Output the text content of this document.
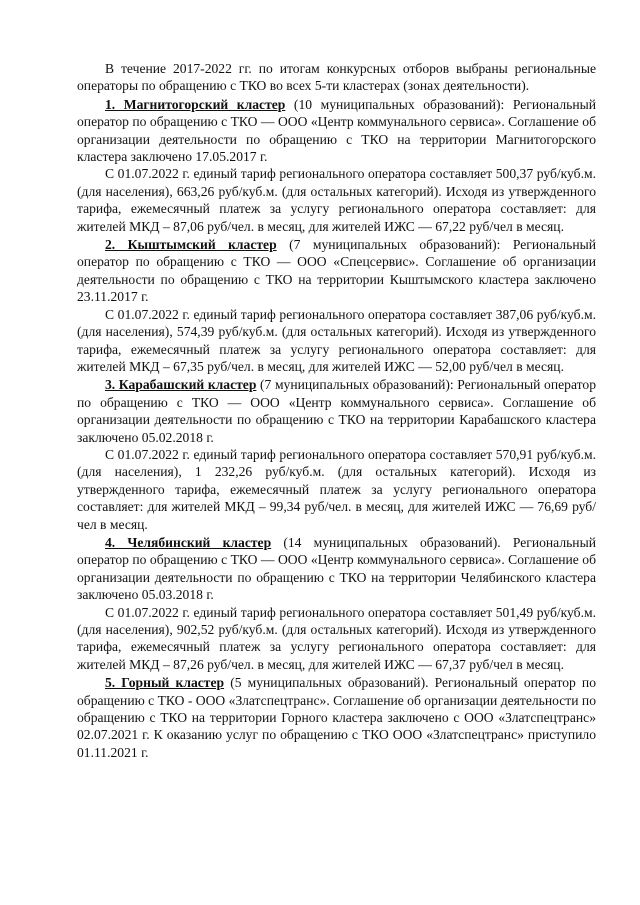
В течение 2017-2022 гг. по итогам конкурсных отборов выбраны региональные операторы по обращению с ТКО во всех 5-ти кластерах (зонах деятельности).

1. Магнитогорский кластер (10 муниципальных образований): Региональный оператор по обращению с ТКО — ООО «Центр коммунального сервиса». Соглашение об организации деятельности по обращению с ТКО на территории Магнитогорского кластера заключено 17.05.2017 г.

С 01.07.2022 г. единый тариф регионального оператора составляет 500,37 руб/куб.м. (для населения), 663,26 руб/куб.м. (для остальных категорий). Исходя из утвержденного тарифа, ежемесячный платеж за услугу регионального оператора составляет: для жителей МКД – 87,06 руб/чел. в месяц, для жителей ИЖС — 67,22 руб/чел в месяц.

2. Кыштымский кластер (7 муниципальных образований): Региональный оператор по обращению с ТКО — ООО «Спецсервис». Соглашение об организации деятельности по обращению с ТКО на территории Кыштымского кластера заключено 23.11.2017 г.

С 01.07.2022 г. единый тариф регионального оператора составляет 387,06 руб/куб.м. (для населения), 574,39 руб/куб.м. (для остальных категорий). Исходя из утвержденного тарифа, ежемесячный платеж за услугу регионального оператора составляет: для жителей МКД – 67,35 руб/чел. в месяц, для жителей ИЖС — 52,00 руб/чел в месяц.

3. Карабашский кластер (7 муниципальных образований): Региональный оператор по обращению с ТКО — ООО «Центр коммунального сервиса». Соглашение об организации деятельности по обращению с ТКО на территории Карабашского кластера заключено 05.02.2018 г.

С 01.07.2022 г. единый тариф регионального оператора составляет 570,91 руб/куб.м. (для населения), 1 232,26 руб/куб.м. (для остальных категорий). Исходя из утвержденного тарифа, ежемесячный платеж за услугу регионального оператора составляет: для жителей МКД – 99,34 руб/чел. в месяц, для жителей ИЖС — 76,69 руб/чел в месяц.

4. Челябинский кластер (14 муниципальных образований). Региональный оператор по обращению с ТКО — ООО «Центр коммунального сервиса». Соглашение об организации деятельности по обращению с ТКО на территории Челябинского кластера заключено 05.03.2018 г.

С 01.07.2022 г. единый тариф регионального оператора составляет 501,49 руб/куб.м. (для населения), 902,52 руб/куб.м. (для остальных категорий). Исходя из утвержденного тарифа, ежемесячный платеж за услугу регионального оператора составляет: для жителей МКД – 87,26 руб/чел. в месяц, для жителей ИЖС — 67,37 руб/чел в месяц.

5. Горный кластер (5 муниципальных образований). Региональный оператор по обращению с ТКО - ООО «Златспецтранс». Соглашение об организации деятельности по обращению с ТКО на территории Горного кластера заключено с ООО «Златспецтранс» 02.07.2021 г. К оказанию услуг по обращению с ТКО ООО «Златспецтранс» приступило 01.11.2021 г.
